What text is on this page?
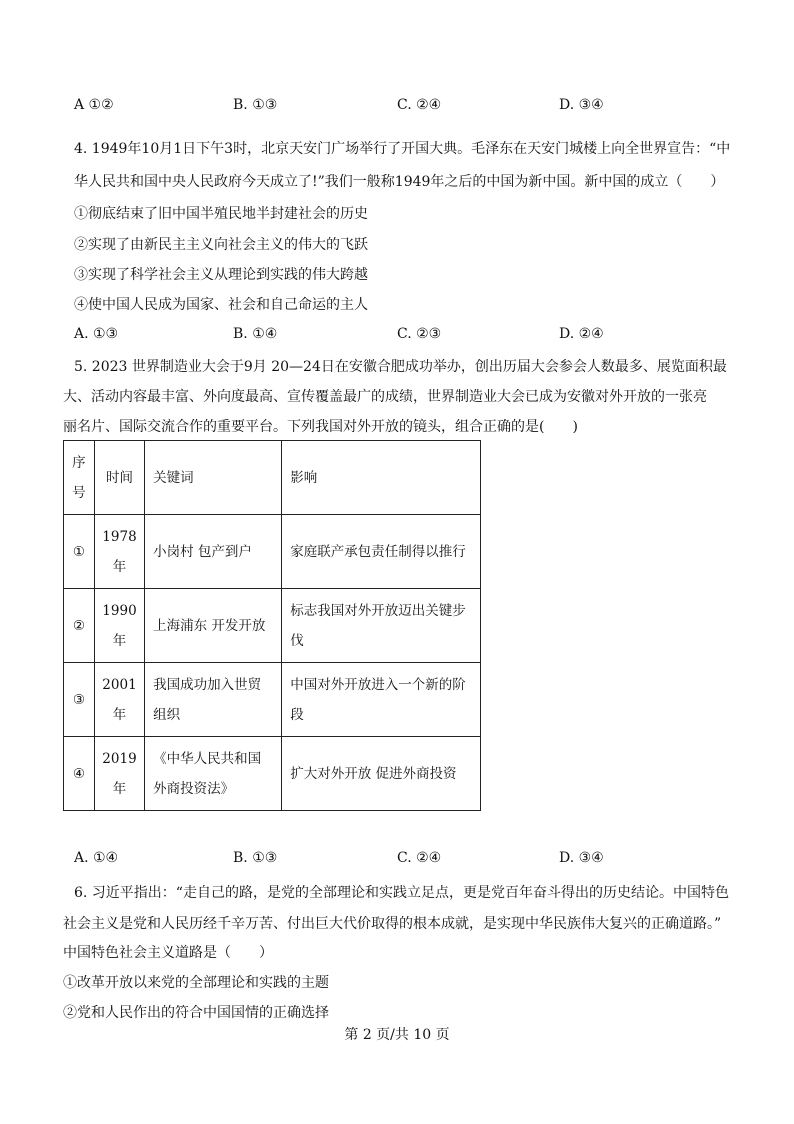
A ①②	B. ①③	C. ②④	D. ③④
4. 1949年10月1日下午3时，北京天安门广场举行了开国大典。毛泽东在天安门城楼上向全世界宣告：“中
华人民共和国中央人民政府今天成立了!”我们一般称1949年之后的中国为新中国。新中国的成立（　　）
①彻底结束了旧中国半殖民地半封建社会的历史
②实现了由新民主主义向社会主义的伟大的飞跃
③实现了科学社会主义从理论到实践的伟大跨越
④使中国人民成为国家、社会和自己命运的主人
A. ①③	B. ①④	C. ②③	D. ②④
5. 2023 世界制造业大会于9月 20—24日在安徽合肥成功举办，创出历届大会参会人数最多、展览面积最
大、活动内容最丰富、外向度最高、宣传覆盖最广的成绩，世界制造业大会已成为安徽对外开放的一张亮
丽名片、国际交流合作的重要平台。下列我国对外开放的镜头，组合正确的是(　　)
序号	时间	关键词	影响
①	1978年	小岗村 包产到户	家庭联产承包责任制得以推行
②	1990年	上海浦东 开发开放	标志我国对外开放迈出关键步伐
③	2001年	我国成功加入世贸组织	中国对外开放进入一个新的阶段
④	2019年	《中华人民共和国外商投资法》	扩大对外开放 促进外商投资
A. ①④	B. ①③	C. ②④	D. ③④
6. 习近平指出：“走自己的路，是党的全部理论和实践立足点，更是党百年奋斗得出的历史结论。中国特色
社会主义是党和人民历经千辛万苦、付出巨大代价取得的根本成就，是实现中华民族伟大复兴的正确道路。”
中国特色社会主义道路是（　　）
①改革开放以来党的全部理论和实践的主题
②党和人民作出的符合中国国情的正确选择
第 2 页/共 10 页
